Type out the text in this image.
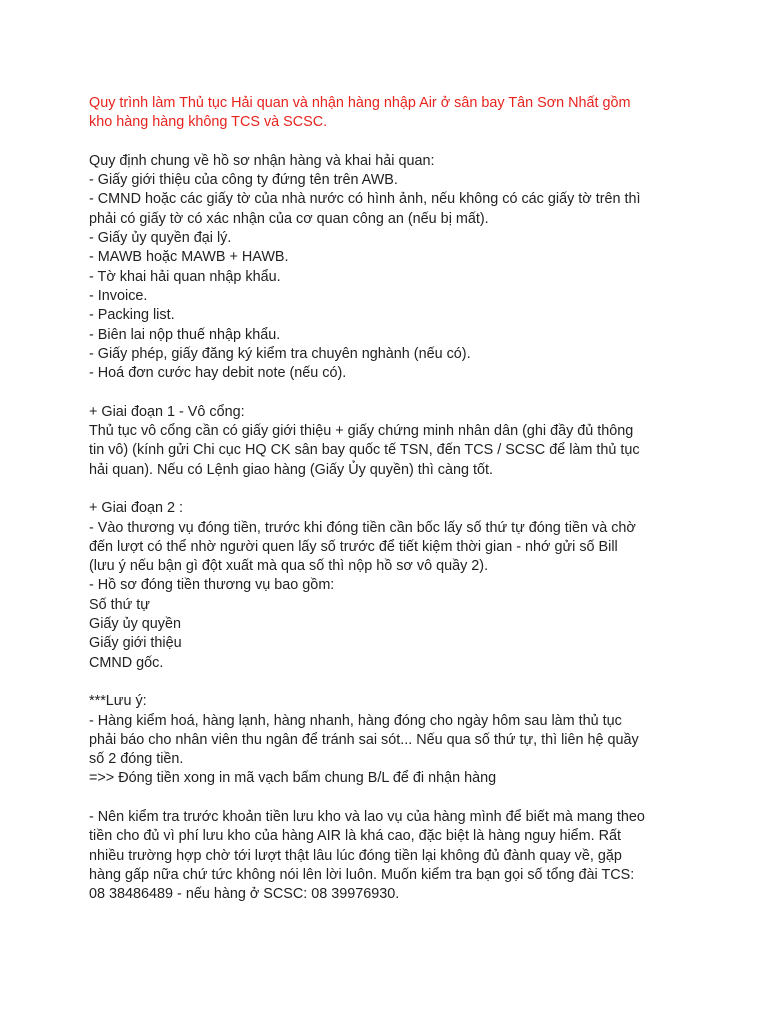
Quy trình làm Thủ tục Hải quan và nhận hàng nhập Air ở sân bay Tân Sơn Nhất gồm
kho hàng hàng không TCS và SCSC.

Quy định chung về hồ sơ nhận hàng và khai hải quan:
- Giấy giới thiệu của công ty đứng tên trên AWB.
- CMND hoặc các giấy tờ của nhà nước có hình ảnh, nếu không có các giấy tờ trên thì
phải có giấy tờ có xác nhận của cơ quan công an (nếu bị mất).
- Giấy ủy quyền đại lý.
- MAWB hoặc MAWB + HAWB.
- Tờ khai hải quan nhập khẩu.
- Invoice.
- Packing list.
- Biên lai nộp thuế nhập khẩu.
- Giấy phép, giấy đăng ký kiểm tra chuyên nghành (nếu có).
- Hoá đơn cước hay debit note (nếu có).

+ Giai đoạn 1 - Vô cổng:
Thủ tục vô cổng cần có giấy giới thiệu + giấy chứng minh nhân dân (ghi đầy đủ thông
tin vô) (kính gửi Chi cục HQ CK sân bay quốc tế TSN, đến TCS / SCSC để làm thủ tục
hải quan). Nếu có Lệnh giao hàng (Giấy Ủy quyền) thì càng tốt.

+ Giai đoạn 2 :
- Vào thương vụ đóng tiền, trước khi đóng tiền cần bốc lấy số thứ tự đóng tiền và chờ
đến lượt có thể nhờ người quen lấy số trước để tiết kiệm thời gian - nhớ gửi số Bill
(lưu ý nếu bận gì đột xuất mà qua số thì nộp hồ sơ vô quầy 2).
- Hồ sơ đóng tiền thương vụ bao gồm:
Số thứ tự
Giấy ủy quyền
Giấy giới thiệu
CMND gốc.

***Lưu ý:
- Hàng kiểm hoá, hàng lạnh, hàng nhanh, hàng đóng cho ngày hôm sau làm thủ tục
phải báo cho nhân viên thu ngân để tránh sai sót... Nếu qua số thứ tự, thì liên hệ quầy
số 2 đóng tiền.
=>> Đóng tiền xong in mã vạch bấm chung B/L để đi nhận hàng

- Nên kiểm tra trước khoản tiền lưu kho và lao vụ của hàng mình để biết mà mang theo
tiền cho đủ vì phí lưu kho của hàng AIR là khá cao, đặc biệt là hàng nguy hiểm. Rất
nhiều trường hợp chờ tới lượt thật lâu lúc đóng tiền lại không đủ đành quay về, gặp
hàng gấp nữa chứ tức không nói lên lời luôn. Muốn kiểm tra bạn gọi số tổng đài TCS:
08 38486489 - nếu hàng ở SCSC: 08 39976930.
